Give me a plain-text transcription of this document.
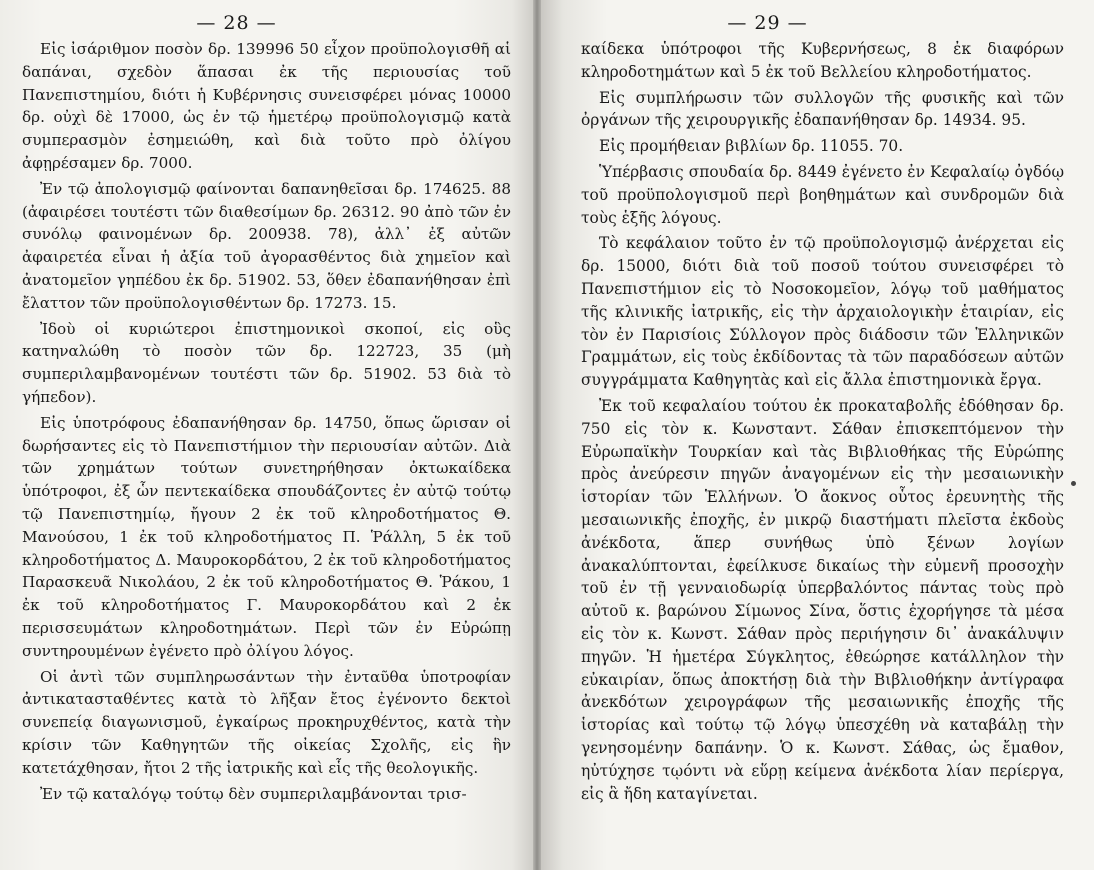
— 28 —

Εἰς ἰσάριθμον ποσὸν δρ. 139996 50 εἶχον προϋπολογισθῆ αἱ δαπάναι, σχεδὸν ἅπασαι ἐκ τῆς περιουσίας τοῦ Πανεπιστημίου, διότι ἡ Κυβέρνησις συνεισφέρει μόνας 10000 δρ. οὐχὶ δὲ 17000, ὡς ἐν τῷ ἡμετέρῳ προϋπολογισμῷ κατὰ συμπερασμὸν ἐσημειώθη, καὶ διὰ τοῦτο πρὸ ὀλίγου ἀφῃρέσαμεν δρ. 7000.

Ἐν τῷ ἀπολογισμῷ φαίνονται δαπανηθεῖσαι δρ. 174625. 88 (ἀφαιρέσει τουτέστι τῶν διαθεσίμων δρ. 26312. 90 ἀπὸ τῶν ἐν συνόλῳ φαινομένων δρ. 200938. 78), ἀλλ᾽ ἐξ αὐτῶν ἀφαιρετέα εἶναι ἡ ἀξία τοῦ ἀγορασθέντος διὰ χημεῖον καὶ ἀνατομεῖον γηπέδου ἐκ δρ. 51902. 53, ὅθεν ἐδαπανήθησαν ἐπὶ ἔλαττον τῶν προϋπολογισθέντων δρ. 17273. 15.

Ἰδοὺ οἱ κυριώτεροι ἐπιστημονικοὶ σκοποί, εἰς οὓς κατηναλώθη τὸ ποσὸν τῶν δρ. 122723, 35 (μὴ συμπεριλαμβανομένων τουτέστι τῶν δρ. 51902. 53 διὰ τὸ γήπεδον).

Εἰς ὑποτρόφους ἐδαπανήθησαν δρ. 14750, ὅπως ὥρισαν οἱ δωρήσαντες εἰς τὸ Πανεπιστήμιον τὴν περιουσίαν αὐτῶν. Διὰ τῶν χρημάτων τούτων συνετηρήθησαν ὀκτωκαίδεκα ὑπότροφοι, ἐξ ὧν πεντεκαίδεκα σπουδάζοντες ἐν αὐτῷ τούτῳ τῷ Πανεπιστημίῳ, ἤγουν 2 ἐκ τοῦ κληροδοτήματος Θ. Μανούσου, 1 ἐκ τοῦ κληροδοτήματος Π. Ῥάλλη, 5 ἐκ τοῦ κληροδοτήματος Δ. Μαυροκορδάτου, 2 ἐκ τοῦ κληροδοτήματος Παρασκευᾶ Νικολάου, 2 ἐκ τοῦ κληροδοτήματος Θ. Ῥάκου, 1 ἐκ τοῦ κληροδοτήματος Γ. Μαυροκορδάτου καὶ 2 ἐκ περισσευμάτων κληροδοτημάτων. Περὶ τῶν ἐν Εὐρώπῃ συντηρουμένων ἐγένετο πρὸ ὀλίγου λόγος.

Οἱ ἀντὶ τῶν συμπληρωσάντων τὴν ἐνταῦθα ὑποτροφίαν ἀντικατασταθέντες κατὰ τὸ λῆξαν ἔτος ἐγένοντο δεκτοὶ συνεπείᾳ διαγωνισμοῦ, ἐγκαίρως προκηρυχθέντος, κατὰ τὴν κρίσιν τῶν Καθηγητῶν τῆς οἰκείας Σχολῆς, εἰς ἣν κατετάχθησαν, ἤτοι 2 τῆς ἰατρικῆς καὶ εἷς τῆς θεολογικῆς.

Ἐν τῷ καταλόγῳ τούτῳ δὲν συμπεριλαμβάνονται τρισ-

— 29 —

καίδεκα ὑπότροφοι τῆς Κυβερνήσεως, 8 ἐκ διαφόρων κληροδοτημάτων καὶ 5 ἐκ τοῦ Βελλείου κληροδοτήματος.

Εἰς συμπλήρωσιν τῶν συλλογῶν τῆς φυσικῆς καὶ τῶν ὀργάνων τῆς χειρουργικῆς ἐδαπανήθησαν δρ. 14934. 95.

Εἰς προμήθειαν βιβλίων δρ. 11055. 70.

Ὑπέρβασις σπουδαία δρ. 8449 ἐγένετο ἐν Κεφαλαίῳ ὀγδόῳ τοῦ προϋπολογισμοῦ περὶ βοηθημάτων καὶ συνδρομῶν διὰ τοὺς ἑξῆς λόγους.

Τὸ κεφάλαιον τοῦτο ἐν τῷ προϋπολογισμῷ ἀνέρχεται εἰς δρ. 15000, διότι διὰ τοῦ ποσοῦ τούτου συνεισφέρει τὸ Πανεπιστήμιον εἰς τὸ Νοσοκομεῖον, λόγῳ τοῦ μαθήματος τῆς κλινικῆς ἰατρικῆς, εἰς τὴν ἀρχαιολογικὴν ἑταιρίαν, εἰς τὸν ἐν Παρισίοις Σύλλογον πρὸς διάδοσιν τῶν Ἑλληνικῶν Γραμμάτων, εἰς τοὺς ἐκδίδοντας τὰ τῶν παραδόσεων αὐτῶν συγγράμματα Καθηγητὰς καὶ εἰς ἄλλα ἐπιστημονικὰ ἔργα.

Ἐκ τοῦ κεφαλαίου τούτου ἐκ προκαταβολῆς ἐδόθησαν δρ. 750 εἰς τὸν κ. Κωνσταντ. Σάθαν ἐπισκεπτόμενον τὴν Εὐρωπαϊκὴν Τουρκίαν καὶ τὰς Βιβλιοθήκας τῆς Εὐρώπης πρὸς ἀνεύρεσιν πηγῶν ἀναγομένων εἰς τὴν μεσαιωνικὴν ἱστορίαν τῶν Ἑλλήνων. Ὁ ἄοκνος οὗτος ἐρευνητὴς τῆς μεσαιωνικῆς ἐποχῆς, ἐν μικρῷ διαστήματι πλεῖστα ἐκδοὺς ἀνέκδοτα, ἅπερ συνήθως ὑπὸ ξένων λογίων ἀνακαλύπτονται, ἐφείλκυσε δικαίως τὴν εὐμενῆ προσοχὴν τοῦ ἐν τῇ γενναιοδωρίᾳ ὑπερβαλόντος πάντας τοὺς πρὸ αὐτοῦ κ. βαρώνου Σίμωνος Σίνα, ὅστις ἐχορήγησε τὰ μέσα εἰς τὸν κ. Κωνστ. Σάθαν πρὸς περιήγησιν δι᾽ ἀνακάλυψιν πηγῶν. Ἡ ἡμετέρα Σύγκλητος, ἐθεώρησε κατάλληλον τὴν εὐκαιρίαν, ὅπως ἀποκτήσῃ διὰ τὴν Βιβλιοθήκην ἀντίγραφα ἀνεκδότων χειρογράφων τῆς μεσαιωνικῆς ἐποχῆς τῆς ἱστορίας καὶ τούτῳ τῷ λόγῳ ὑπεσχέθη νὰ καταβάλῃ τὴν γενησομένην δαπάνην. Ὁ κ. Κωνστ. Σάθας, ὡς ἔμαθον, ηὐτύχησε τῳόντι νὰ εὕρῃ κείμενα ἀνέκδοτα λίαν περίεργα, εἰς ἃ ἤδη καταγίνεται.
